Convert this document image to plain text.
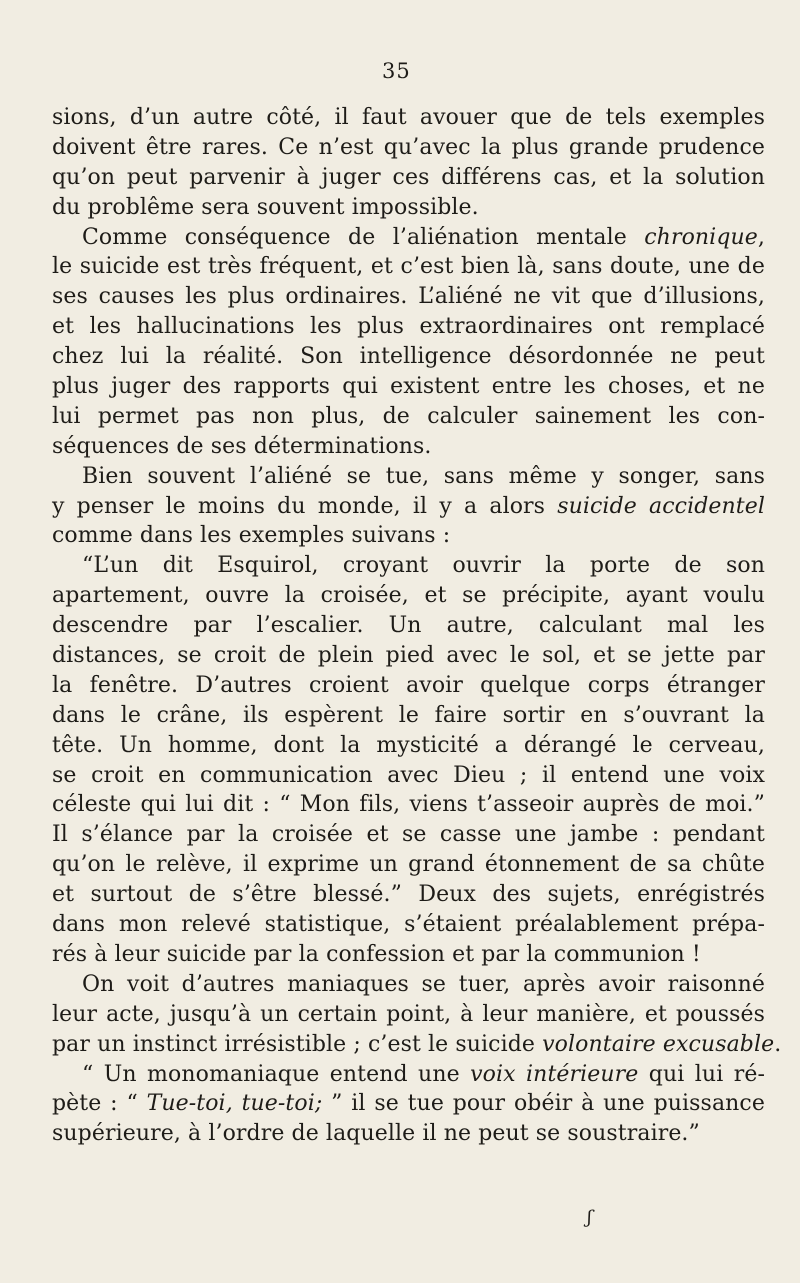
35
sions, d’un autre côté, il faut avouer que de tels exemples
doivent être rares. Ce n’est qu’avec la plus grande prudence
qu’on peut parvenir à juger ces différens cas, et la solution
du problême sera souvent impossible.
Comme conséquence de l’aliénation mentale chronique,
le suicide est très fréquent, et c’est bien là, sans doute, une de
ses causes les plus ordinaires. L’aliéné ne vit que d’illusions,
et les hallucinations les plus extraordinaires ont remplacé
chez lui la réalité. Son intelligence désordonnée ne peut
plus juger des rapports qui existent entre les choses, et ne
lui permet pas non plus, de calculer sainement les con-
séquences de ses déterminations.
Bien souvent l’aliéné se tue, sans même y songer, sans
y penser le moins du monde, il y a alors suicide accidentel
comme dans les exemples suivans :
“L’un dit Esquirol, croyant ouvrir la porte de son
apartement, ouvre la croisée, et se précipite, ayant voulu
descendre par l’escalier. Un autre, calculant mal les
distances, se croit de plein pied avec le sol, et se jette par
la fenêtre. D’autres croient avoir quelque corps étranger
dans le crâne, ils espèrent le faire sortir en s’ouvrant la
tête. Un homme, dont la mysticité a dérangé le cerveau,
se croit en communication avec Dieu ; il entend une voix
céleste qui lui dit : “ Mon fils, viens t’asseoir auprès de moi.”
Il s’élance par la croisée et se casse une jambe : pendant
qu’on le relève, il exprime un grand étonnement de sa chûte
et surtout de s’être blessé.” Deux des sujets, enrégistrés
dans mon relevé statistique, s’étaient préalablement prépa-
rés à leur suicide par la confession et par la communion !
On voit d’autres maniaques se tuer, après avoir raisonné
leur acte, jusqu’à un certain point, à leur manière, et poussés
par un instinct irrésistible ; c’est le suicide volontaire excusable.
“ Un monomaniaque entend une voix intérieure qui lui ré-
pète : “ Tue-toi, tue-toi; ” il se tue pour obéir à une puissance
supérieure, à l’ordre de laquelle il ne peut se soustraire.”
ʃ
